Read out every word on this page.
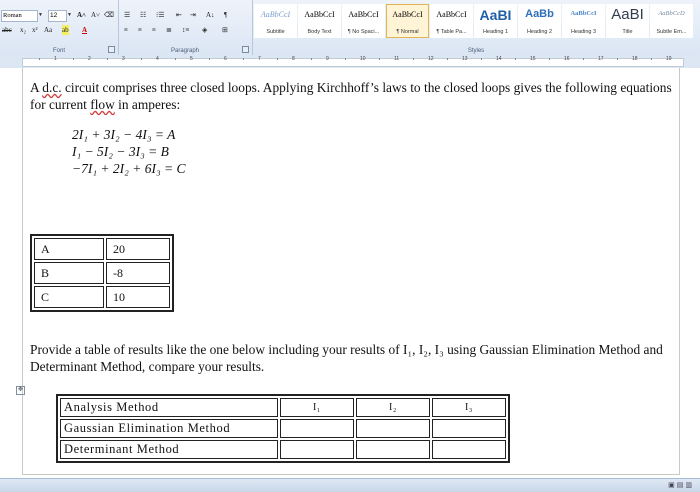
Roman	▼	12	▼ A˄ A˅ ⌫
abc x₂ x² Aa ab A
Font
☰ ☷ ⁝☰ ⇤ ⇥ A↓ ¶
≡ ≡ ≡ ≣ ↕≡ ◈ ⊞
Paragraph	Styles
AaBbCcI
Subtitle
AaBbCcI
Body Text
AaBbCcI
¶ No Spaci...
AaBbCcI
¶ Normal
AaBbCcI
¶ Table Pa...
AaBI
Heading 1
AaBb
Heading 2
AaBbCcI
Heading 3
AaBI
Title
AaBbCcD
Subtle Em...
1	2	3	4	5	6	7	8	9	10	11	12	13	14	15	16	17	18	19

A d.c. circuit comprises three closed loops. Applying Kirchhoff’s laws to the closed loops gives the following equations for current flow in amperes:

2I₁ + 3I₂ − 4I₃ = A
I₁ − 5I₂ − 3I₃ = B
−7I₁ + 2I₂ + 6I₃ = C
A	20
B	-8
C	10

Provide a table of results like the one below including your results of I₁, I₂, I₃ using Gaussian Elimination Method and Determinant Method, compare your results.

Analysis Method	I₁	I₂	I₃
Gaussian Elimination Method			
Determinant Method			
✥
▣▤▥
